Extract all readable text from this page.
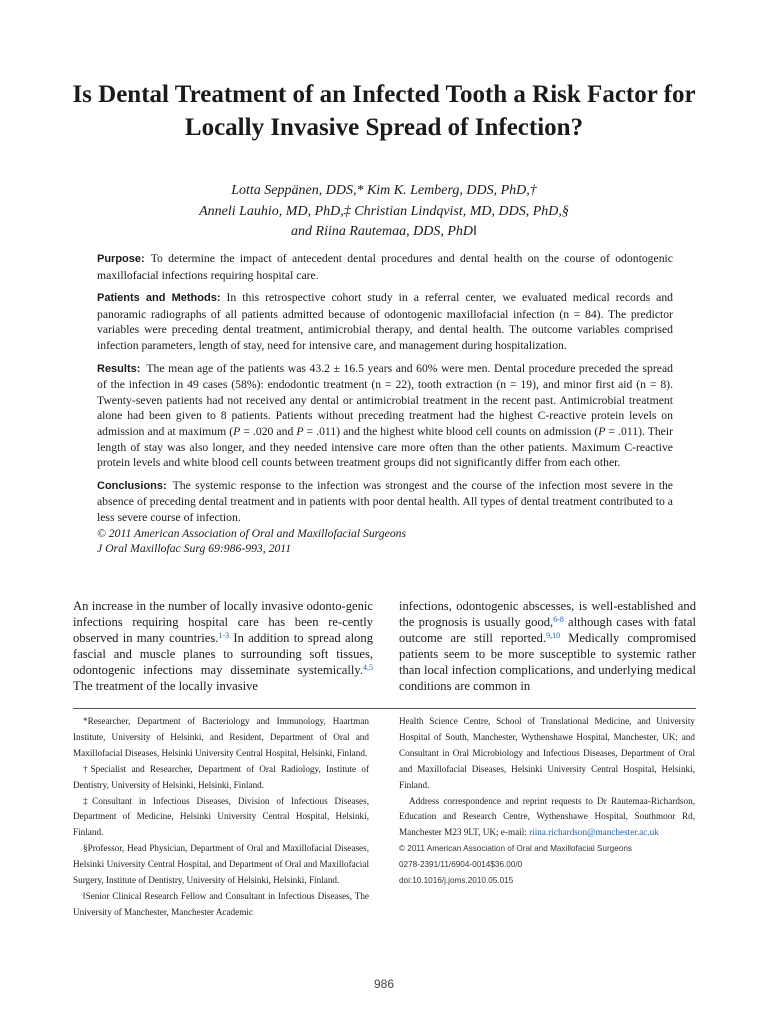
Is Dental Treatment of an Infected Tooth a Risk Factor for Locally Invasive Spread of Infection?
Lotta Seppänen, DDS,* Kim K. Lemberg, DDS, PhD,†
Anneli Lauhio, MD, PhD,‡ Christian Lindqvist, MD, DDS, PhD,§
and Riina Rautemaa, DDS, PhD‖

Purpose: To determine the impact of antecedent dental procedures and dental health on the course of odontogenic maxillofacial infections requiring hospital care.

Patients and Methods: In this retrospective cohort study in a referral center, we evaluated medical records and panoramic radiographs of all patients admitted because of odontogenic maxillofacial infection (n = 84). The predictor variables were preceding dental treatment, antimicrobial therapy, and dental health. The outcome variables comprised infection parameters, length of stay, need for intensive care, and management during hospitalization.

Results: The mean age of the patients was 43.2 ± 16.5 years and 60% were men. Dental procedure preceded the spread of the infection in 49 cases (58%): endodontic treatment (n = 22), tooth extraction (n = 19), and minor first aid (n = 8). Twenty-seven patients had not received any dental or antimicrobial treatment in the recent past. Antimicrobial treatment alone had been given to 8 patients. Patients without preceding treatment had the highest C-reactive protein levels on admission and at maximum (P = .020 and P = .011) and the highest white blood cell counts on admission (P = .011). Their length of stay was also longer, and they needed intensive care more often than the other patients. Maximum C-reactive protein levels and white blood cell counts between treatment groups did not significantly differ from each other.

Conclusions: The systemic response to the infection was strongest and the course of the infection most severe in the absence of preceding dental treatment and in patients with poor dental health. All types of dental treatment contributed to a less severe course of infection.

© 2011 American Association of Oral and Maxillofacial Surgeons
J Oral Maxillofac Surg 69:986-993, 2011
An increase in the number of locally invasive odonto-genic infections requiring hospital care has been re-cently observed in many countries.$^{1-3}$ In addition to spread along fascial and muscle planes to surrounding soft tissues, odontogenic infections may disseminate systemically.$^{4,5}$ The treatment of the locally invasive
infections, odontogenic abscesses, is well-established and the prognosis is usually good,$^{6-8}$ although cases with fatal outcome are still reported.$^{9,10}$ Medically compromised patients seem to be more susceptible to systemic rather than local infection complications, and underlying medical conditions are common in

*Researcher, Department of Bacteriology and Immunology, Haartman Institute, University of Helsinki, and Resident, Department of Oral and Maxillofacial Diseases, Helsinki University Central Hospital, Helsinki, Finland.

†Specialist and Researcher, Department of Oral Radiology, Institute of Dentistry, University of Helsinki, Helsinki, Finland.

‡Consultant in Infectious Diseases, Division of Infectious Diseases, Department of Medicine, Helsinki University Central Hospital, Helsinki, Finland.

§Professor, Head Physician, Department of Oral and Maxillofacial Diseases, Helsinki University Central Hospital, and Department of Oral and Maxillofacial Surgery, Institute of Dentistry, University of Helsinki, Helsinki, Finland.

‖Senior Clinical Research Fellow and Consultant in Infectious Diseases, The University of Manchester, Manchester Academic

Health Science Centre, School of Translational Medicine, and University Hospital of South, Manchester, Wythenshawe Hospital, Manchester, UK; and Consultant in Oral Microbiology and Infectious Diseases, Department of Oral and Maxillofacial Diseases, Helsinki University Central Hospital, Helsinki, Finland.

Address correspondence and reprint requests to Dr Rautemaa-Richardson, Education and Research Centre, Wythenshawe Hospital, Southmoor Rd, Manchester M23 9LT, UK; e-mail: riina.richardson@manchester.ac.uk

© 2011 American Association of Oral and Maxillofacial Surgeons

0278-2391/11/6904-0014$36.00/0

doi:10.1016/j.joms.2010.05.015

986
